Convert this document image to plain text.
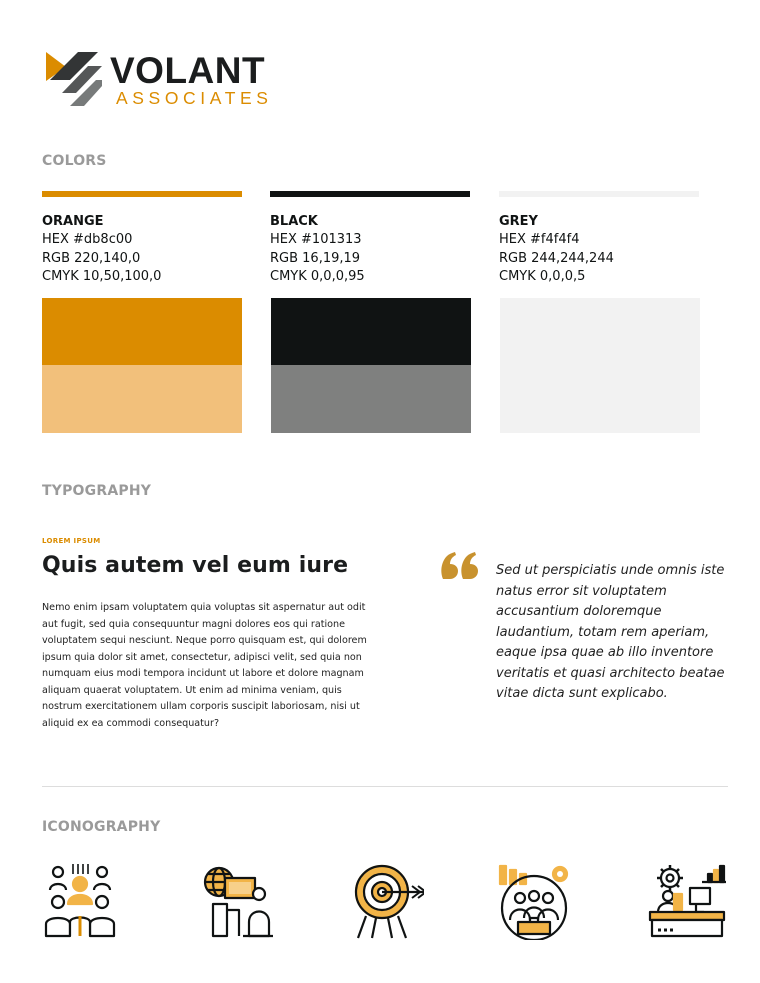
VOLANT
ASSOCIATES
COLORS
ORANGE
HEX #db8c00
RGB 220,140,0
CMYK 10,50,100,0
BLACK
HEX #101313
RGB 16,19,19
CMYK 0,0,0,95
GREY
HEX #f4f4f4
RGB 244,244,244
CMYK 0,0,0,5
TYPOGRAPHY
LOREM IPSUM
Quis autem vel eum iure
Nemo enim ipsam voluptatem quia voluptas sit aspernatur aut odit aut fugit, sed quia consequuntur magni dolores eos qui ratione voluptatem sequi nesciunt. Neque porro quisquam est, qui dolorem ipsum quia dolor sit amet, consectetur, adipisci velit, sed quia non numquam eius modi tempora incidunt ut labore et dolore magnam aliquam quaerat voluptatem. Ut enim ad minima veniam, quis nostrum exercitationem ullam corporis suscipit laboriosam, nisi ut aliquid ex ea commodi consequatur?
Sed ut perspiciatis unde omnis iste natus error sit voluptatem accusantium doloremque laudantium, totam rem aperiam, eaque ipsa quae ab illo inventore veritatis et quasi architecto beatae vitae dicta sunt explicabo.
ICONOGRAPHY
